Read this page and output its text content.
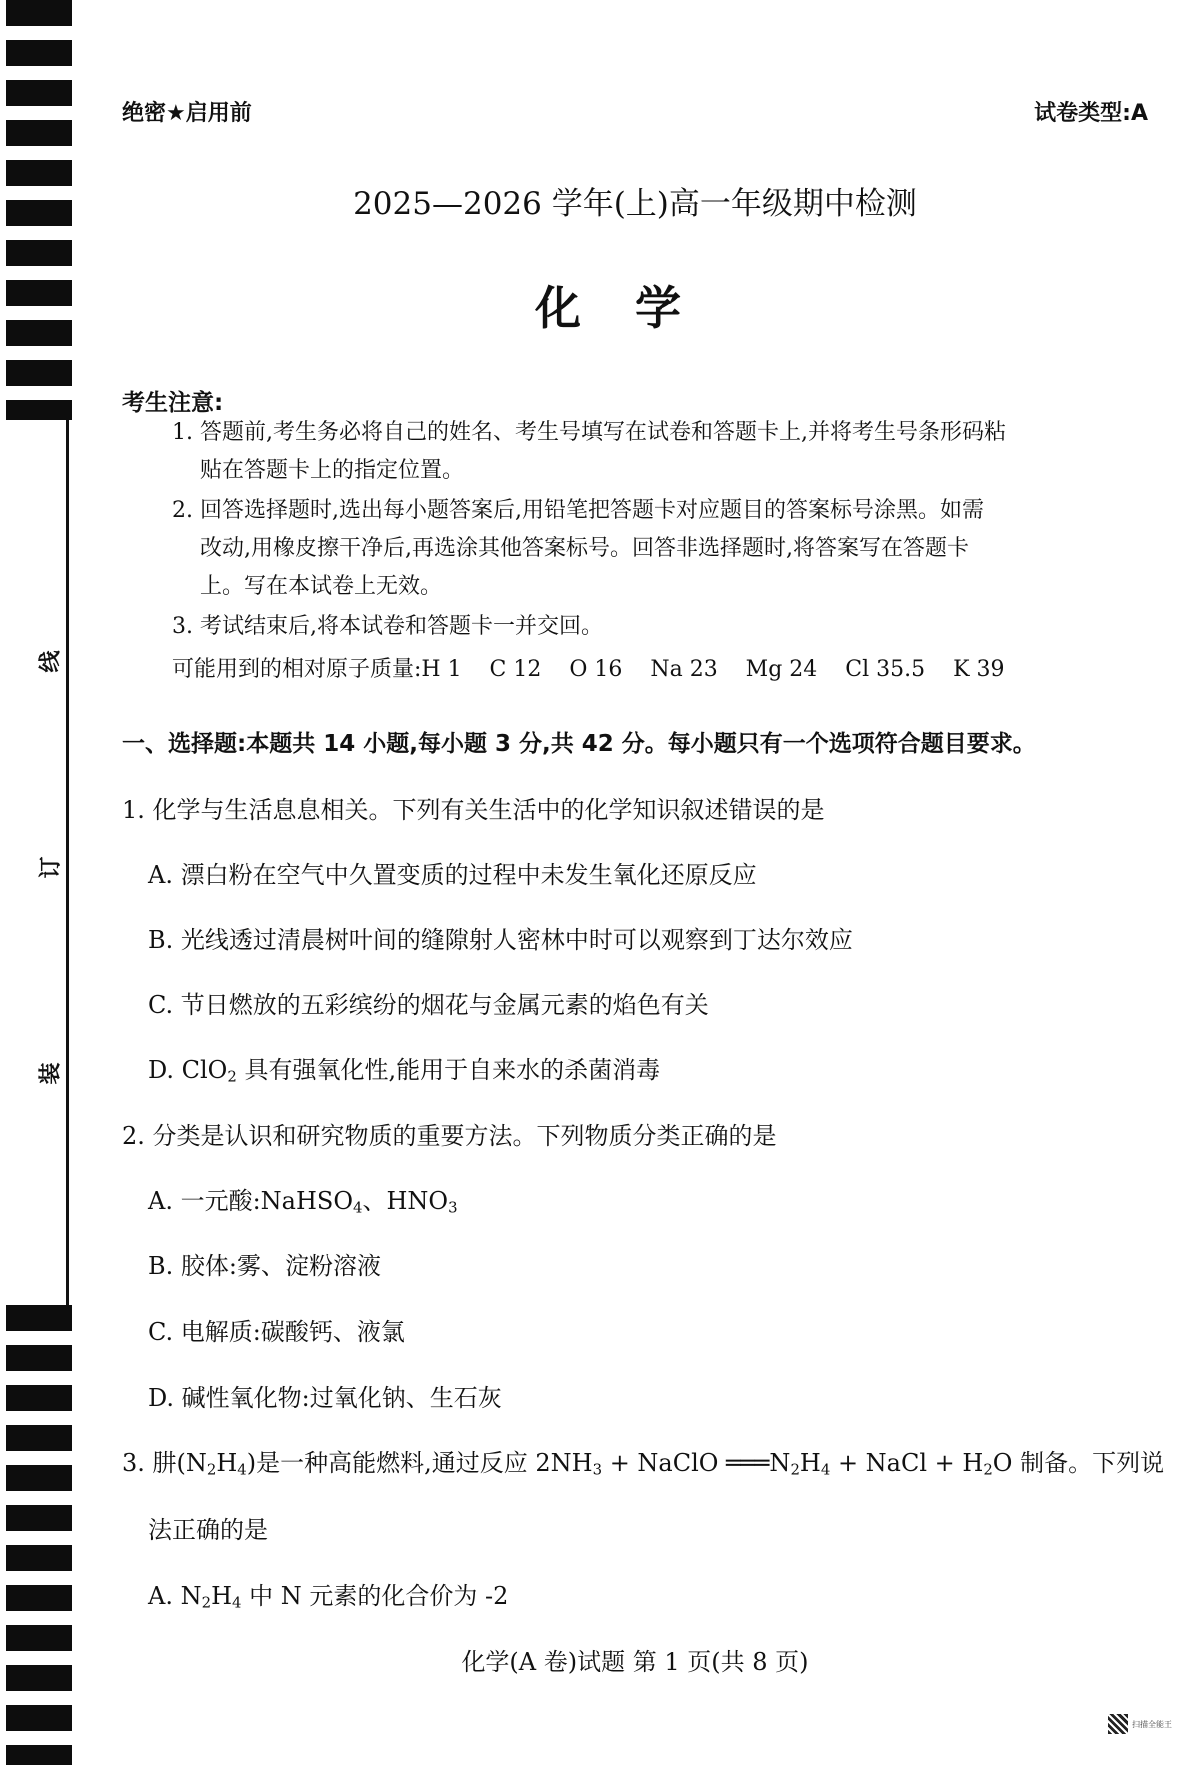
线
订
装
绝密★启用前	试卷类型:A
2025—2026 学年(上)高一年级期中检测
化学
考生注意:
1. 答题前,考生务必将自己的姓名、考生号填写在试卷和答题卡上,并将考生号条形码粘
贴在答题卡上的指定位置。
2. 回答选择题时,选出每小题答案后,用铅笔把答题卡对应题目的答案标号涂黑。如需
改动,用橡皮擦干净后,再选涂其他答案标号。回答非选择题时,将答案写在答题卡
上。写在本试卷上无效。
3. 考试结束后,将本试卷和答题卡一并交回。
可能用到的相对原子质量:H 1    C 12    O 16    Na 23    Mg 24    Cl 35.5    K 39
一、选择题:本题共 14 小题,每小题 3 分,共 42 分。每小题只有一个选项符合题目要求。
1. 化学与生活息息相关。下列有关生活中的化学知识叙述错误的是
A. 漂白粉在空气中久置变质的过程中未发生氧化还原反应
B. 光线透过清晨树叶间的缝隙射人密林中时可以观察到丁达尔效应
C. 节日燃放的五彩缤纷的烟花与金属元素的焰色有关
D. ClO$_2$ 具有强氧化性,能用于自来水的杀菌消毒
2. 分类是认识和研究物质的重要方法。下列物质分类正确的是
A. 一元酸:NaHSO$_4$、$HNO_3$
B. 胶体:雾、淀粉溶液
C. 电解质:碳酸钙、液氯
D. 碱性氧化物:过氧化钠、生石灰
3. 肼$(N_2H_4)$是一种高能燃料,通过反应 $2NH_3$ + NaClO $═══N_2H_4$ + NaCl + $H_2O$ 制备。下列说
法正确的是
A. $N_2H_4$ 中 N 元素的化合价为 -2
化学(A 卷)试题 第 1 页(共 8 页)
扫描全能王
